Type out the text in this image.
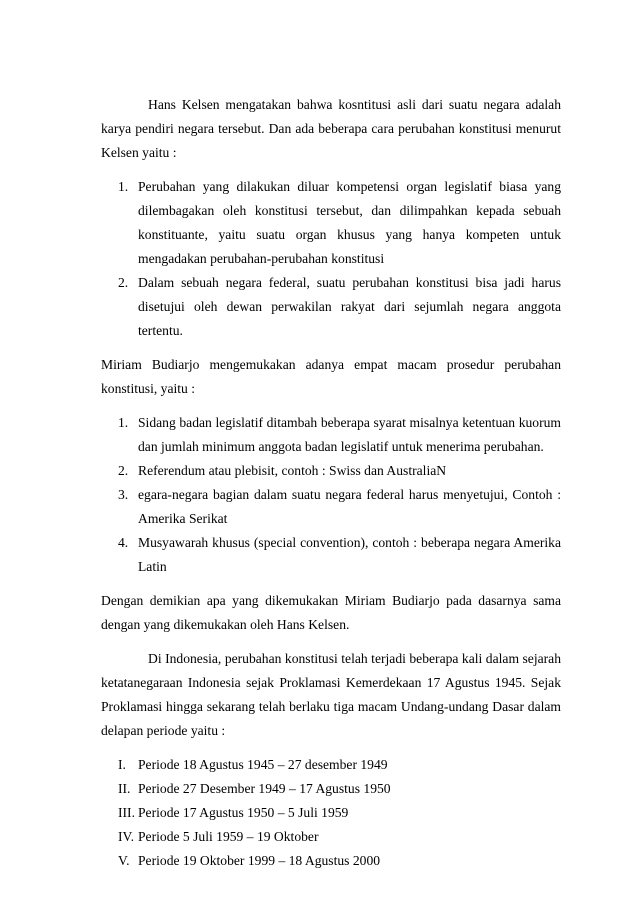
Hans Kelsen mengatakan bahwa kosntitusi asli dari suatu negara adalah karya pendiri negara tersebut. Dan ada beberapa cara perubahan konstitusi menurut Kelsen yaitu :

1. Perubahan yang dilakukan diluar kompetensi organ legislatif biasa yang dilembagakan oleh konstitusi tersebut, dan dilimpahkan kepada sebuah konstituante, yaitu suatu organ khusus yang hanya kompeten untuk mengadakan perubahan-perubahan konstitusi
2. Dalam sebuah negara federal, suatu perubahan konstitusi bisa jadi harus disetujui oleh dewan perwakilan rakyat dari sejumlah negara anggota tertentu.

Miriam Budiarjo mengemukakan adanya empat macam prosedur perubahan konstitusi, yaitu :

1. Sidang badan legislatif ditambah beberapa syarat misalnya ketentuan kuorum dan jumlah minimum anggota badan legislatif untuk menerima perubahan.
2. Referendum atau plebisit, contoh : Swiss dan AustraliaN
3. egara-negara bagian dalam suatu negara federal harus menyetujui, Contoh : Amerika Serikat
4. Musyawarah khusus (special convention), contoh : beberapa negara Amerika Latin

Dengan demikian apa yang dikemukakan Miriam Budiarjo pada dasarnya sama dengan yang dikemukakan oleh Hans Kelsen.

Di Indonesia, perubahan konstitusi telah terjadi beberapa kali dalam sejarah ketatanegaraan Indonesia sejak Proklamasi Kemerdekaan 17 Agustus 1945. Sejak Proklamasi hingga sekarang telah berlaku tiga macam Undang-undang Dasar dalam delapan periode yaitu :

I. Periode 18 Agustus 1945 – 27 desember 1949
II. Periode 27 Desember 1949 – 17 Agustus 1950
III. Periode 17 Agustus 1950 – 5 Juli 1959
IV. Periode 5 Juli 1959 – 19 Oktober
V. Periode 19 Oktober 1999 – 18 Agustus 2000
